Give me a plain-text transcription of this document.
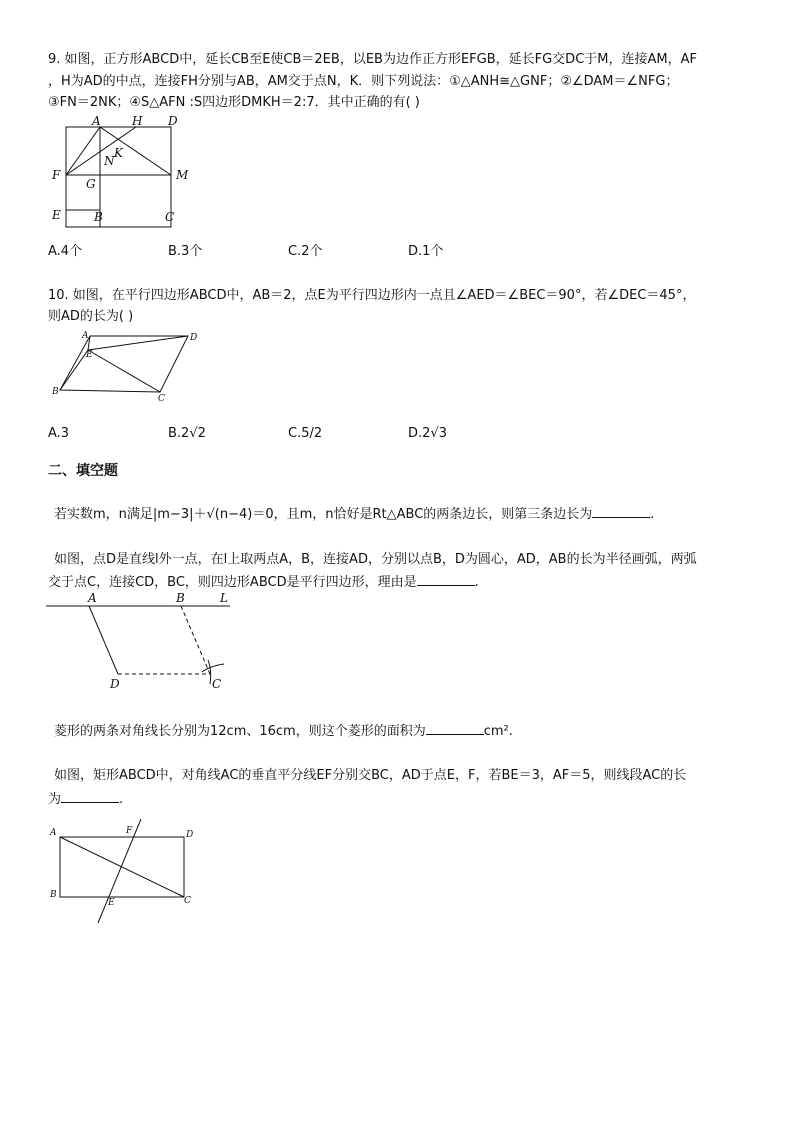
9. 如图，正方形ABCD中，延长CB至E使CB＝2EB，以EB为边作正方形EFGB，延长FG交DC于M，连接AM，AF
，H为AD的中点，连接FH分别与AB，AM交于点N，K．则下列说法：①△ANH≅△GNF；②∠DAM＝∠NFG；
③FN＝2NK；④S△AFN :S四边形DMKH＝2:7．其中正确的有( )
A	H D
K
N
F
G
M
E	B	C
A.4个	B.3个	C.2个	D.1个
10. 如图，在平行四边形ABCD中，AB＝2，点E为平行四边形内一点且∠AED＝∠BEC＝90°，若∠DEC＝45°，
则AD的长为( )
A
E
D
B
C
A.3	B.2√2	C.5/2	D.2√3
二、填空题
若实数m，n满足|m−3|＋√(n−4)＝0，且m，n恰好是Rt△ABC的两条边长，则第三条边长为	.
如图，点D是直线l外一点，在l上取两点A，B，连接AD，分别以点B，D为圆心，AD，AB的长为半径画弧，两弧
交于点C，连接CD，BC，则四边形ABCD是平行四边形，理由是	.
A	B	L
D	C
菱形的两条对角线长分别为12cm、16cm，则这个菱形的面积为	cm².
如图，矩形ABCD中，对角线AC的垂直平分线EF分别交BC，AD于点E，F，若BE＝3，AF＝5，则线段AC的长
为	.
A	F	D
B
E	C
